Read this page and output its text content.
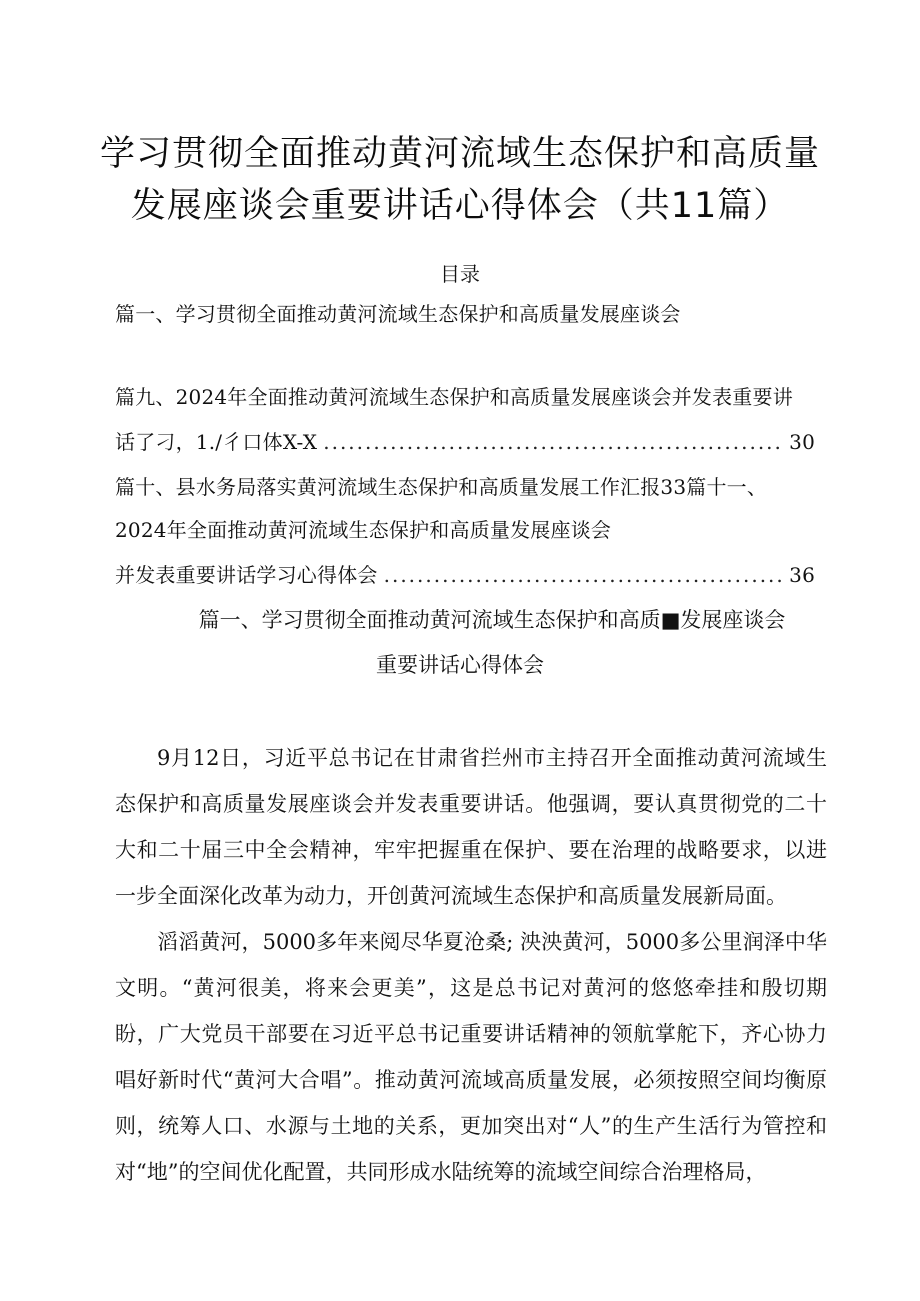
学习贯彻全面推动黄河流域生态保护和高质量
发展座谈会重要讲话心得体会（共11篇）
目录
篇一、学习贯彻全面推动黄河流域生态保护和高质量发展座谈会
篇九、2024年全面推动黄河流域生态保护和高质量发展座谈会并发表重要讲
话了刁，1./彳口体X-X .....	30
篇十、县水务局落实黄河流域生态保护和高质量发展工作汇报33篇十一、
2024年全面推动黄河流域生态保护和高质量发展座谈会
并发表重要讲话学习心得体会 .....	36
篇一、学习贯彻全面推动黄河流域生态保护和高质■发展座谈会
重要讲话心得体会

9月12日，习近平总书记在甘肃省拦州市主持召开全面推动黄河流域生态保护和高质量发展座谈会并发表重要讲话。他强调，要认真贯彻党的二十大和二十届三中全会精神，牢牢把握重在保护、要在治理的战略要求，以进一步全面深化改革为动力，开创黄河流域生态保护和高质量发展新局面。

滔滔黄河，5000多年来阅尽华夏沧桑; 泱泱黄河，5000多公里润泽中华文明。“黄河很美，将来会更美”，这是总书记对黄河的悠悠牵挂和殷切期盼，广大党员干部要在习近平总书记重要讲话精神的领航掌舵下，齐心协力唱好新时代“黄河大合唱”。推动黄河流域高质量发展，必须按照空间均衡原则，统筹人口、水源与土地的关系，更加突出对“人”的生产生活行为管控和对“地”的空间优化配置，共同形成水陆统筹的流域空间综合治理格局，
